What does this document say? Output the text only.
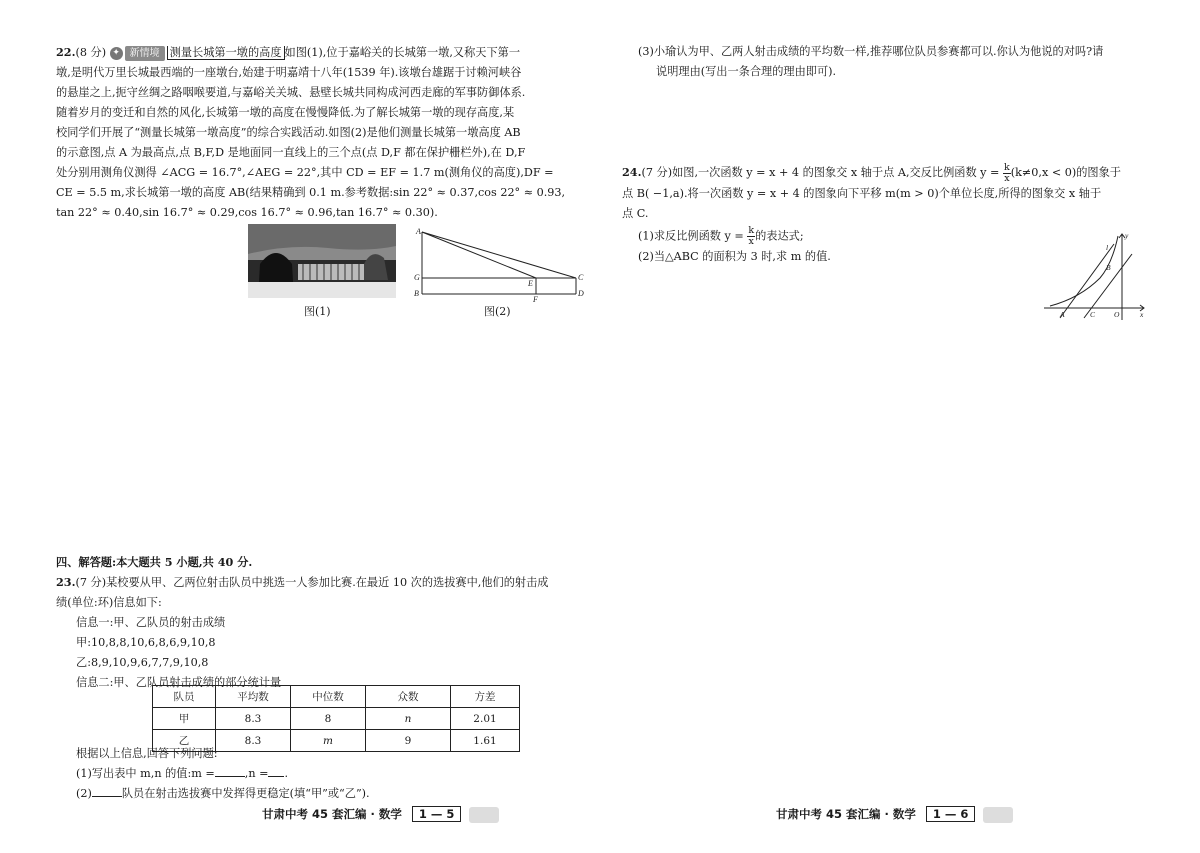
22.(8 分) ✦ 新情境 测量长城第一墩的高度 如图(1),位于嘉峪关的长城第一墩,又称天下第一

墩,是明代万里长城最西端的一座墩台,始建于明嘉靖十八年(1539 年).该墩台雄踞于讨赖河峡谷

的悬崖之上,扼守丝绸之路咽喉要道,与嘉峪关关城、悬壁长城共同构成河西走廊的军事防御体系.

随着岁月的变迁和自然的风化,长城第一墩的高度在慢慢降低.为了解长城第一墩的现存高度,某

校同学们开展了“测量长城第一墩高度”的综合实践活动.如图(2)是他们测量长城第一墩高度 AB

的示意图,点 A 为最高点,点 B,F,D 是地面同一直线上的三个点(点 D,F 都在保护栅栏外),在 D,F

处分别用测角仪测得 ∠ACG = 16.7°,∠AEG = 22°,其中 CD = EF = 1.7 m(测角仪的高度),DF =

CE = 5.5 m,求长城第一墩的高度 AB(结果精确到 0.1 m.参考数据:sin 22° ≈ 0.37,cos 22° ≈ 0.93,

tan 22° ≈ 0.40,sin 16.7° ≈ 0.29,cos 16.7° ≈ 0.96,tan 16.7° ≈ 0.30).

图(1)
A
G
B
E
F
C
D
图(2)

四、解答题:本大题共 5 小题,共 40 分.

23.(7 分)某校要从甲、乙两位射击队员中挑选一人参加比赛.在最近 10 次的选拔赛中,他们的射击成

绩(单位:环)信息如下:

信息一:甲、乙队员的射击成绩

甲:10,8,8,10,6,8,6,9,10,8

乙:8,9,10,9,6,7,7,9,10,8

信息二:甲、乙队员射击成绩的部分统计量

队员	平均数	中位数	众数	方差
甲	8.3	8	n	2.01
乙	8.3	m	9	1.61

根据以上信息,回答下列问题:

(1)写出表中 m,n 的值:m =	,n = .

(2)	队员在射击选拔赛中发挥得更稳定(填“甲”或“乙”).

(3)小瑜认为甲、乙两人射击成绩的平均数一样,推荐哪位队员参赛都可以.你认为他说的对吗?请

说明理由(写出一条合理的理由即可).

24.(7 分)如图,一次函数 y = x + 4 的图象交 x 轴于点 A,交反比例函数 $y = \frac{k}{x} (k\ne 0,x < 0)$的图象于

点 B( −1,a).将一次函数 y = x + 4 的图象向下平移 m(m > 0)个单位长度,所得的图象交 x 轴于

点 C.

(1)求反比例函数 $y = \frac{k}{x}$ 的表达式;

(2)当△ABC 的面积为 3 时,求 m 的值.

y
l
B
A	C	O	x
甘肃中考 45 套汇编 · 数学 1 — 5	甘肃中考 45 套汇编 · 数学 1 — 6
